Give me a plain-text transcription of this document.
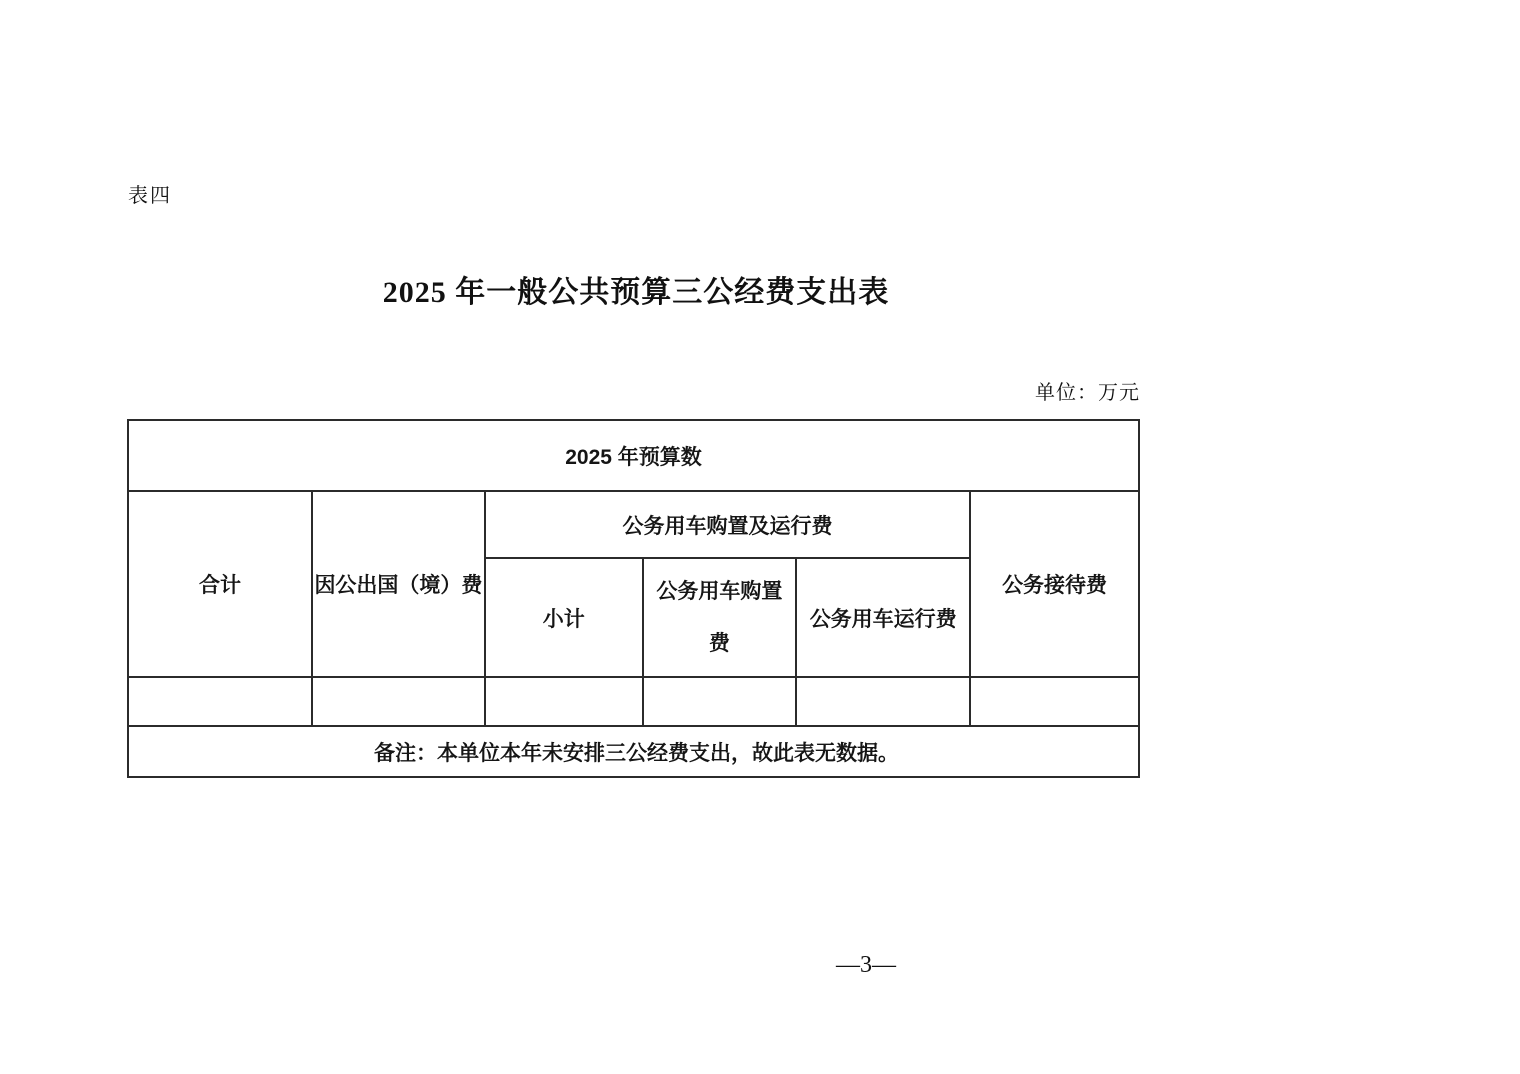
表四
2025 年一般公共预算三公经费支出表
单位：万元
2025 年预算数					
合计	因公出国（境）费	公务用车购置及运行费			公务接待费
		小计	公务用车购置费	公务用车运行费	

备注：本单位本年未安排三公经费支出，故此表无数据。					
—3—
